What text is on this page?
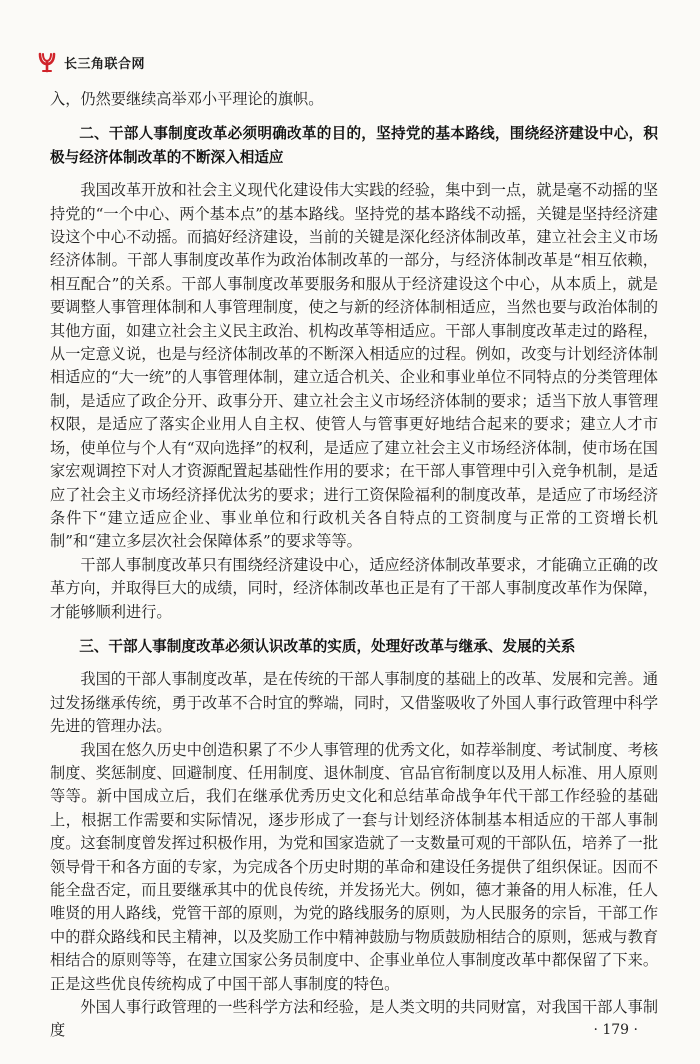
长三角联合网

入，仍然要继续高举邓小平理论的旗帜。

二、干部人事制度改革必须明确改革的目的，坚持党的基本路线，围绕经济建设中心，积极与经济体制改革的不断深入相适应

我国改革开放和社会主义现代化建设伟大实践的经验，集中到一点，就是毫不动摇的坚持党的“一个中心、两个基本点”的基本路线。坚持党的基本路线不动摇，关键是坚持经济建设这个中心不动摇。而搞好经济建设，当前的关键是深化经济体制改革，建立社会主义市场经济体制。干部人事制度改革作为政治体制改革的一部分，与经济体制改革是“相互依赖，相互配合”的关系。干部人事制度改革要服务和服从于经济建设这个中心，从本质上，就是要调整人事管理体制和人事管理制度，使之与新的经济体制相适应，当然也要与政治体制的其他方面，如建立社会主义民主政治、机构改革等相适应。干部人事制度改革走过的路程，从一定意义说，也是与经济体制改革的不断深入相适应的过程。例如，改变与计划经济体制相适应的“大一统”的人事管理体制，建立适合机关、企业和事业单位不同特点的分类管理体制，是适应了政企分开、政事分开、建立社会主义市场经济体制的要求；适当下放人事管理权限，是适应了落实企业用人自主权、使管人与管事更好地结合起来的要求；建立人才市场，使单位与个人有“双向选择”的权利，是适应了建立社会主义市场经济体制，使市场在国家宏观调控下对人才资源配置起基础性作用的要求；在干部人事管理中引入竞争机制，是适应了社会主义市场经济择优汰劣的要求；进行工资保险福利的制度改革，是适应了市场经济条件下“建立适应企业、事业单位和行政机关各自特点的工资制度与正常的工资增长机制”和“建立多层次社会保障体系”的要求等等。

干部人事制度改革只有围绕经济建设中心，适应经济体制改革要求，才能确立正确的改革方向，并取得巨大的成绩，同时，经济体制改革也正是有了干部人事制度改革作为保障，才能够顺利进行。

三、干部人事制度改革必须认识改革的实质，处理好改革与继承、发展的关系

我国的干部人事制度改革，是在传统的干部人事制度的基础上的改革、发展和完善。通过发扬继承传统，勇于改革不合时宜的弊端，同时，又借鉴吸收了外国人事行政管理中科学先进的管理办法。

我国在悠久历史中创造积累了不少人事管理的优秀文化，如荐举制度、考试制度、考核制度、奖惩制度、回避制度、任用制度、退休制度、官品官衔制度以及用人标准、用人原则等等。新中国成立后，我们在继承优秀历史文化和总结革命战争年代干部工作经验的基础上，根据工作需要和实际情况，逐步形成了一套与计划经济体制基本相适应的干部人事制度。这套制度曾发挥过积极作用，为党和国家造就了一支数量可观的干部队伍，培养了一批领导骨干和各方面的专家，为完成各个历史时期的革命和建设任务提供了组织保证。因而不能全盘否定，而且要继承其中的优良传统，并发扬光大。例如，德才兼备的用人标准，任人唯贤的用人路线，党管干部的原则，为党的路线服务的原则，为人民服务的宗旨，干部工作中的群众路线和民主精神，以及奖励工作中精神鼓励与物质鼓励相结合的原则，惩戒与教育相结合的原则等等，在建立国家公务员制度中、企事业单位人事制度改革中都保留了下来。正是这些优良传统构成了中国干部人事制度的特色。

外国人事行政管理的一些科学方法和经验，是人类文明的共同财富，对我国干部人事制度	· 179 ·
